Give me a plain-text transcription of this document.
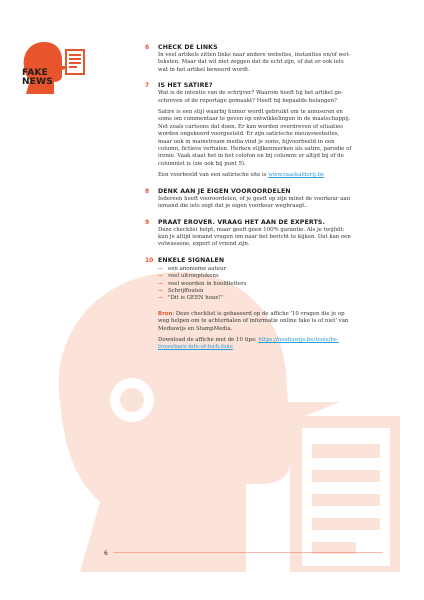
FAKE
NEWS
6 CHECK DE LINKS
In veel artikels zitten links naar andere websites, instanties en/of wet-
teksten. Maar dat wil niet zeggen dat de echt zijn, of dat er ook iets
wat in het artikel beweerd wordt.
7 IS HET SATIRE?
Wat is de intentie van de schrijver? Waarom heeft hij het artikel ge-
schreven of de reportage gemaakt? Heeft hij bepaalde belangen?
Satire is een stijl waarbij humor wordt gebruikt om te amuseren en
soms om commentaar te geven op ontwikkelingen in de maatschappij.
Net zoals cartoons dat doen. Er kan worden overdreven of situaties
worden ongekeerd voorgesteld. Er zijn satirische nieuwswebsites,
maar ook in mainstream media vind je soms, bijvoorbeeld in een
column, fictieve verhalen. Herken stijlkenmerken als satire, parodie of
ironie. Vaak staat het in het colofon en bij columns er altijd bij of de
columnist is (zie ook bij punt 5).
Een voorbeeld van een satirische site is www.raaskalderij.be
8 DENK AAN JE EIGEN VOOROORDELEN
Iedereen heeft vooroordelen, of je geeft op zijn minst de voorkeur aan
iemand die iets zegt dat je eigen voorkeur weghraagt..
9 PRAAT EROVER. VRAAG HET AAN DE EXPERTS.
Deze checklist helpt, maar geeft geen 100% garantie. Als je twijfelt:
kun je altijd iemand vragen om naar het bericht te kijken. Dat kan een
volwassene, expert of vriend zijn.
10 ENKELE SIGNALEN
→ een anonieme auteur
→ veel uitroeptekens
→ veel woorden in hoofdletters
→ Schrijffouten
→ "Dit is GEEN hoax!"
Bron: Deze checklist is gebaseerd op de affiche '10 vragen die je op
weg helpen om te achterhalen of informatie online fake is of niet' van
Mediawijs en StampMedia.
Download de affiche met de 10 tips: https://mediawijs.be/tools/be-
trouwbare-info-of-toch-fake
6
